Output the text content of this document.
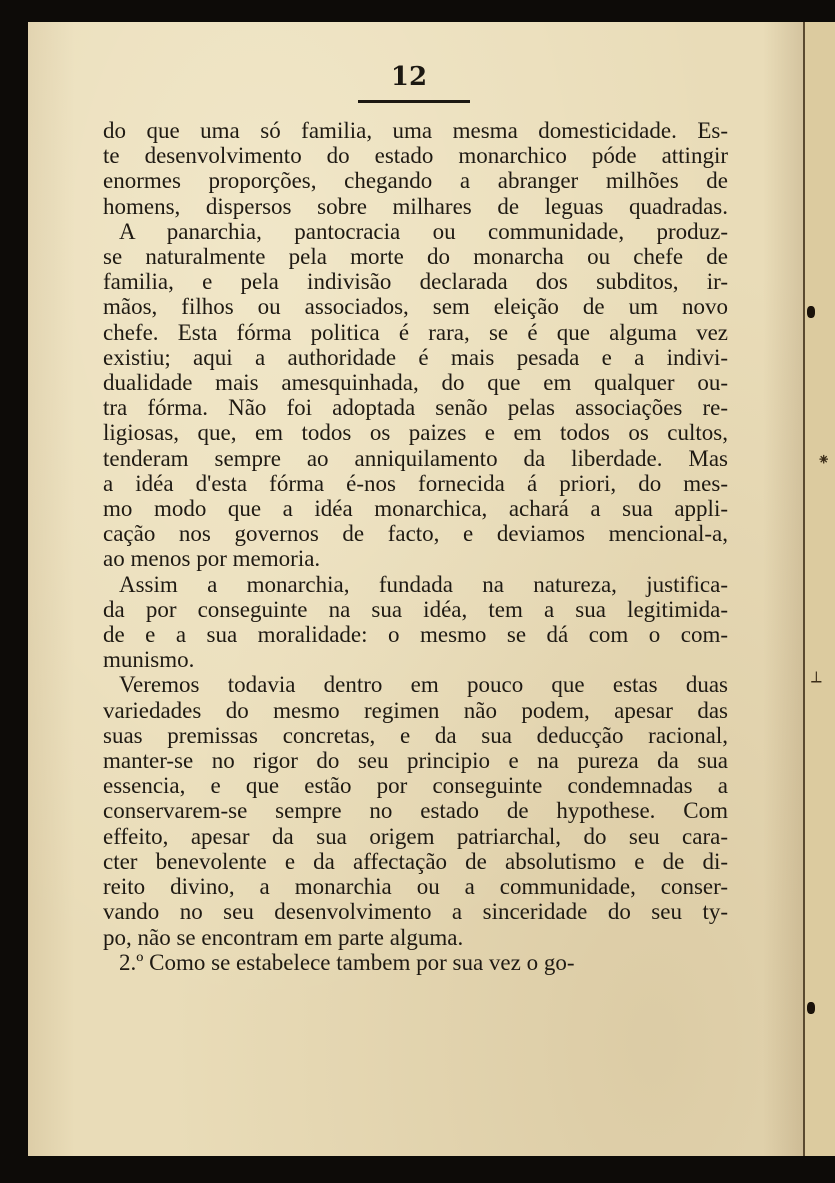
12
do que uma só familia, uma mesma domesticidade. Es-
te desenvolvimento do estado monarchico póde attingir
enormes proporções, chegando a abranger milhões de
homens, dispersos sobre milhares de leguas quadradas.
A panarchia, pantocracia ou communidade, produz-
se naturalmente pela morte do monarcha ou chefe de
familia, e pela indivisão declarada dos subditos, ir-
mãos, filhos ou associados, sem eleição de um novo
chefe. Esta fórma politica é rara, se é que alguma vez
existiu; aqui a authoridade é mais pesada e a indivi-
dualidade mais amesquinhada, do que em qualquer ou-
tra fórma. Não foi adoptada senão pelas associações re-
ligiosas, que, em todos os paizes e em todos os cultos,
tenderam sempre ao anniquilamento da liberdade. Mas
a idéa d'esta fórma é-nos fornecida á priori, do mes-
mo modo que a idéa monarchica, achará a sua appli-
cação nos governos de facto, e deviamos mencional-a,
ao menos por memoria.
Assim a monarchia, fundada na natureza, justifica-
da por conseguinte na sua idéa, tem a sua legitimida-
de e a sua moralidade: o mesmo se dá com o com-
munismo.
Veremos todavia dentro em pouco que estas duas
variedades do mesmo regimen não podem, apesar das
suas premissas concretas, e da sua deducção racional,
manter-se no rigor do seu principio e na pureza da sua
essencia, e que estão por conseguinte condemnadas a
conservarem-se sempre no estado de hypothese. Com
effeito, apesar da sua origem patriarchal, do seu cara-
cter benevolente e da affectação de absolutismo e de di-
reito divino, a monarchia ou a communidade, conser-
vando no seu desenvolvimento a sinceridade do seu ty-
po, não se encontram em parte alguma.
2.º Como se estabelece tambem por sua vez o go-
⁕
⟂
